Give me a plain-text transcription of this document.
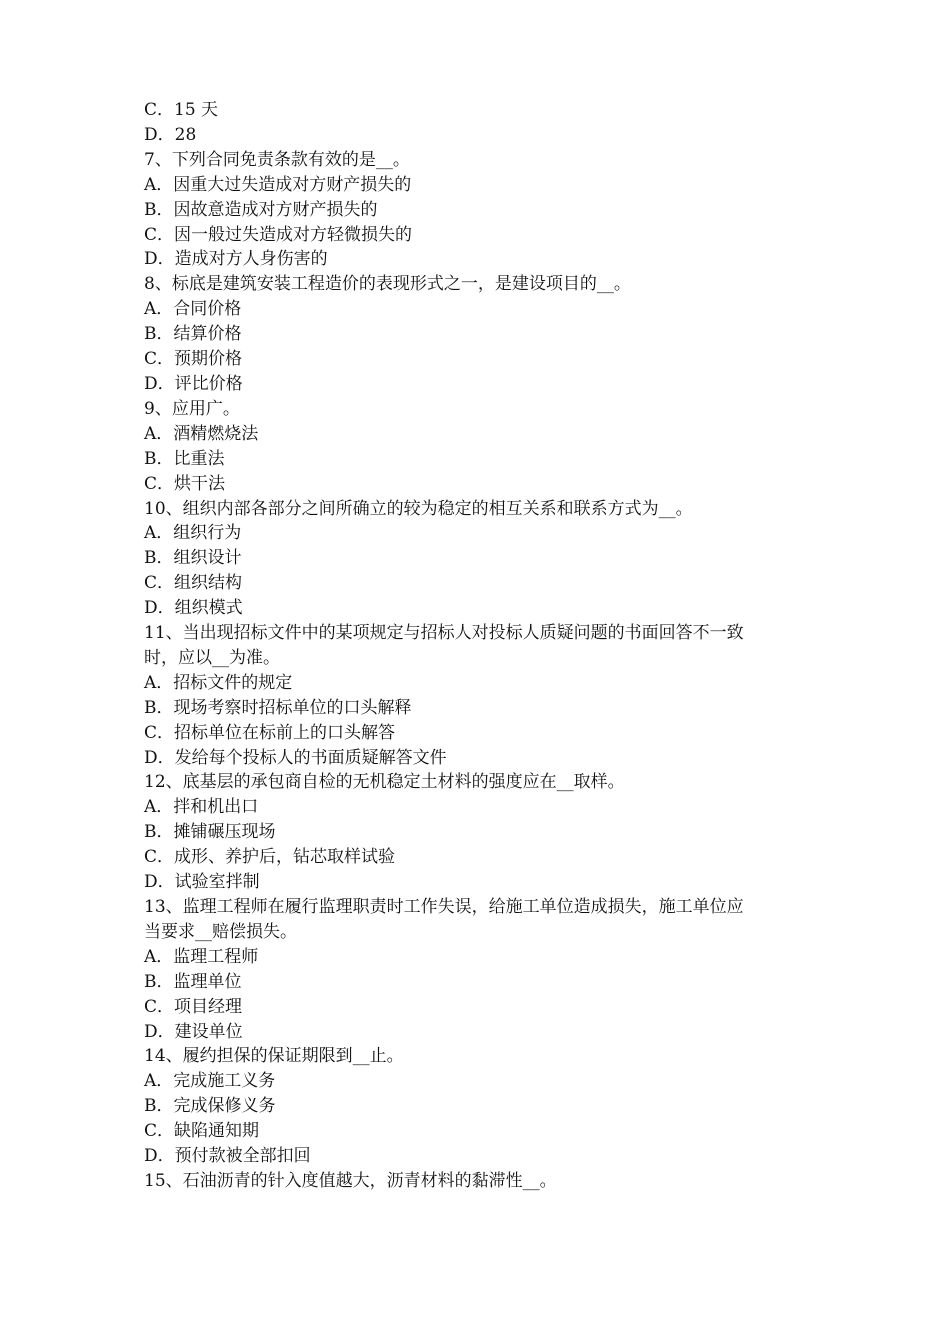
C．15 天
D．28
7、下列合同免责条款有效的是__。
A．因重大过失造成对方财产损失的
B．因故意造成对方财产损失的
C．因一般过失造成对方轻微损失的
D．造成对方人身伤害的
8、标底是建筑安装工程造价的表现形式之一，是建设项目的__。
A．合同价格
B．结算价格
C．预期价格
D．评比价格
9、应用广。
A．酒精燃烧法
B．比重法
C．烘干法
10、组织内部各部分之间所确立的较为稳定的相互关系和联系方式为__。
A．组织行为
B．组织设计
C．组织结构
D．组织模式
11、当出现招标文件中的某项规定与招标人对投标人质疑问题的书面回答不一致
时，应以__为准。
A．招标文件的规定
B．现场考察时招标单位的口头解释
C．招标单位在标前上的口头解答
D．发给每个投标人的书面质疑解答文件
12、底基层的承包商自检的无机稳定土材料的强度应在__取样。
A．拌和机出口
B．摊铺碾压现场
C．成形、养护后，钻芯取样试验
D．试验室拌制
13、监理工程师在履行监理职责时工作失误，给施工单位造成损失，施工单位应
当要求__赔偿损失。
A．监理工程师
B．监理单位
C．项目经理
D．建设单位
14、履约担保的保证期限到__止。
A．完成施工义务
B．完成保修义务
C．缺陷通知期
D．预付款被全部扣回
15、石油沥青的针入度值越大，沥青材料的黏滞性__。
